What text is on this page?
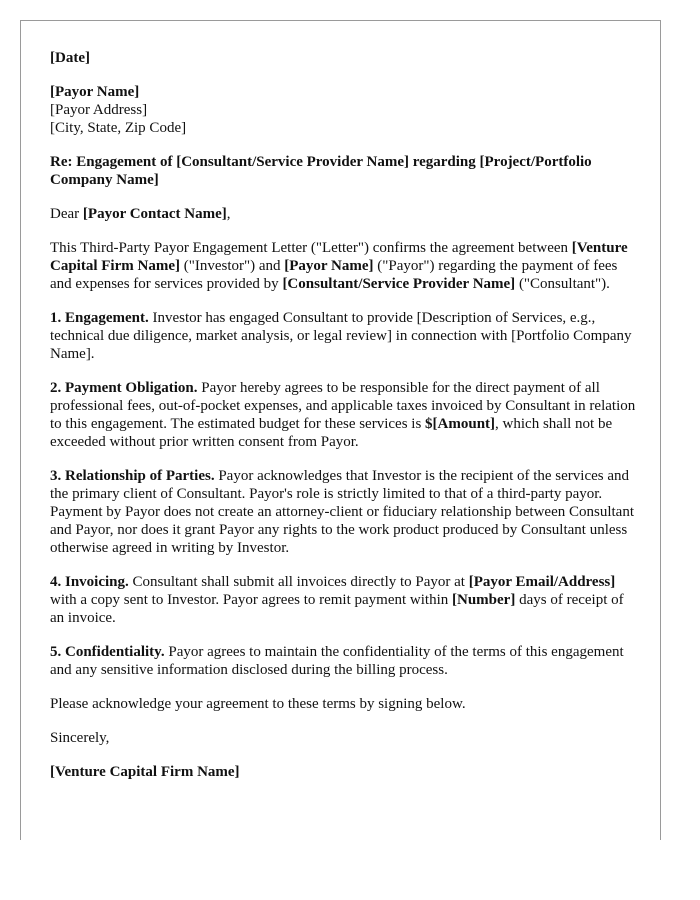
[Date]

[Payor Name]
[Payor Address]
[City, State, Zip Code]

Re: Engagement of [Consultant/Service Provider Name] regarding [Project/Portfolio Company Name]

Dear [Payor Contact Name],

This Third-Party Payor Engagement Letter ("Letter") confirms the agreement between [Venture Capital Firm Name] ("Investor") and [Payor Name] ("Payor") regarding the payment of fees and expenses for services provided by [Consultant/Service Provider Name] ("Consultant").

1. Engagement. Investor has engaged Consultant to provide [Description of Services, e.g., technical due diligence, market analysis, or legal review] in connection with [Portfolio Company Name].

2. Payment Obligation. Payor hereby agrees to be responsible for the direct payment of all professional fees, out-of-pocket expenses, and applicable taxes invoiced by Consultant in relation to this engagement. The estimated budget for these services is $[Amount], which shall not be exceeded without prior written consent from Payor.

3. Relationship of Parties. Payor acknowledges that Investor is the recipient of the services and the primary client of Consultant. Payor's role is strictly limited to that of a third-party payor. Payment by Payor does not create an attorney-client or fiduciary relationship between Consultant and Payor, nor does it grant Payor any rights to the work product produced by Consultant unless otherwise agreed in writing by Investor.

4. Invoicing. Consultant shall submit all invoices directly to Payor at [Payor Email/Address] with a copy sent to Investor. Payor agrees to remit payment within [Number] days of receipt of an invoice.

5. Confidentiality. Payor agrees to maintain the confidentiality of the terms of this engagement and any sensitive information disclosed during the billing process.

Please acknowledge your agreement to these terms by signing below.

Sincerely,

[Venture Capital Firm Name]
